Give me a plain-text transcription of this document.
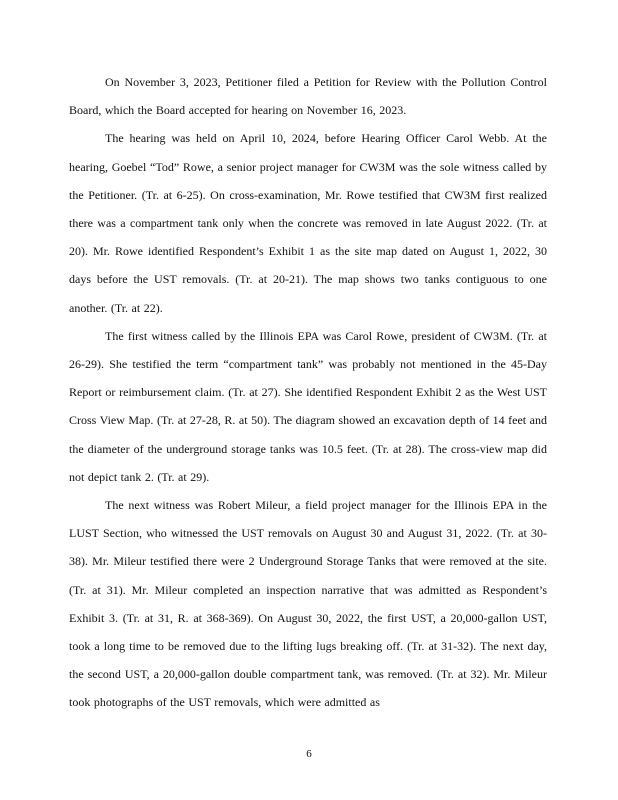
On November 3, 2023, Petitioner filed a Petition for Review with the Pollution Control Board, which the Board accepted for hearing on November 16, 2023.

The hearing was held on April 10, 2024, before Hearing Officer Carol Webb. At the hearing, Goebel “Tod” Rowe, a senior project manager for CW3M was the sole witness called by the Petitioner. (Tr. at 6-25). On cross-examination, Mr. Rowe testified that CW3M first realized there was a compartment tank only when the concrete was removed in late August 2022. (Tr. at 20). Mr. Rowe identified Respondent’s Exhibit 1 as the site map dated on August 1, 2022, 30 days before the UST removals. (Tr. at 20-21). The map shows two tanks contiguous to one another. (Tr. at 22).

The first witness called by the Illinois EPA was Carol Rowe, president of CW3M. (Tr. at 26-29). She testified the term “compartment tank” was probably not mentioned in the 45-Day Report or reimbursement claim. (Tr. at 27). She identified Respondent Exhibit 2 as the West UST Cross View Map. (Tr. at 27-28, R. at 50). The diagram showed an excavation depth of 14 feet and the diameter of the underground storage tanks was 10.5 feet. (Tr. at 28). The cross-view map did not depict tank 2. (Tr. at 29).

The next witness was Robert Mileur, a field project manager for the Illinois EPA in the LUST Section, who witnessed the UST removals on August 30 and August 31, 2022. (Tr. at 30-38). Mr. Mileur testified there were 2 Underground Storage Tanks that were removed at the site. (Tr. at 31). Mr. Mileur completed an inspection narrative that was admitted as Respondent’s Exhibit 3. (Tr. at 31, R. at 368-369). On August 30, 2022, the first UST, a 20,000-gallon UST, took a long time to be removed due to the lifting lugs breaking off. (Tr. at 31-32). The next day, the second UST, a 20,000-gallon double compartment tank, was removed. (Tr. at 32). Mr. Mileur took photographs of the UST removals, which were admitted as

6
